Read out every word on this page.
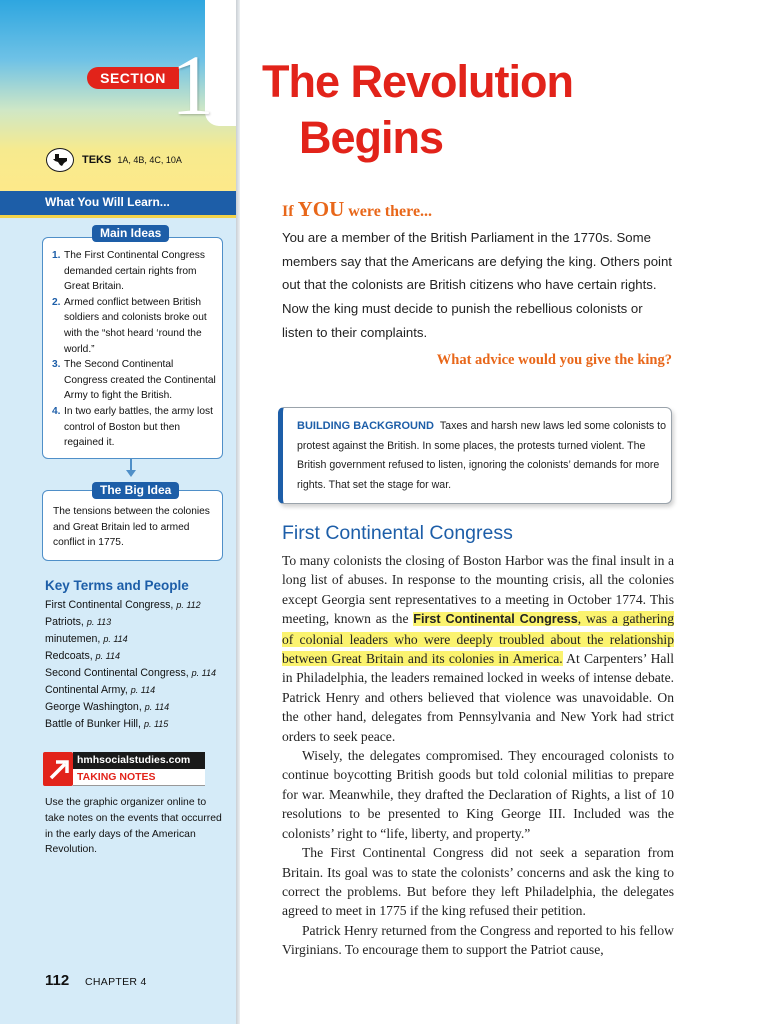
SECTION 1
TEKS 1A, 4B, 4C, 10A
What You Will Learn...
Main Ideas
1. The First Continental Congress demanded certain rights from Great Britain.
2. Armed conflict between British soldiers and colonists broke out with the “shot heard ‘round the world.”
3. The Second Continental Congress created the Continental Army to fight the British.
4. In two early battles, the army lost control of Boston but then regained it.
The Big Idea
The tensions between the colonies and Great Britain led to armed conflict in 1775.
Key Terms and People
First Continental Congress, p. 112
Patriots, p. 113
minutemen, p. 114
Redcoats, p. 114
Second Continental Congress, p. 114
Continental Army, p. 114
George Washington, p. 114
Battle of Bunker Hill, p. 115
hmhsocialstudies.com
TAKING NOTES
Use the graphic organizer online to take notes on the events that occurred in the early days of the American Revolution.
112 CHAPTER 4
The Revolution
Begins
If YOU were there...
You are a member of the British Parliament in the 1770s. Some members say that the Americans are defying the king. Others point out that the colonists are British citizens who have certain rights. Now the king must decide to punish the rebellious colonists or listen to their complaints.
What advice would you give the king?
BUILDING BACKGROUND Taxes and harsh new laws led some colonists to protest against the British. In some places, the protests turned violent. The British government refused to listen, ignoring the colonists’ demands for more rights. That set the stage for war.
First Continental Congress

To many colonists the closing of Boston Harbor was the final insult in a long list of abuses. In response to the mounting crisis, all the colonies except Georgia sent representatives to a meeting in October 1774. This meeting, known as the First Continental Congress, was a gathering of colonial leaders who were deeply troubled about the relationship between Great Britain and its colonies in America. At Carpenters’ Hall in Philadelphia, the leaders remained locked in weeks of intense debate. Patrick Henry and others believed that violence was unavoidable. On the other hand, delegates from Pennsylvania and New York had strict orders to seek peace.

Wisely, the delegates compromised. They encouraged colonists to continue boycotting British goods but told colonial militias to prepare for war. Meanwhile, they drafted the Declaration of Rights, a list of 10 resolutions to be presented to King George III. Included was the colonists’ right to “life, liberty, and property.”

The First Continental Congress did not seek a separation from Britain. Its goal was to state the colonists’ concerns and ask the king to correct the problems. But before they left Philadelphia, the delegates agreed to meet in 1775 if the king refused their petition.

Patrick Henry returned from the Congress and reported to his fellow Virginians. To encourage them to support the Patriot cause,
